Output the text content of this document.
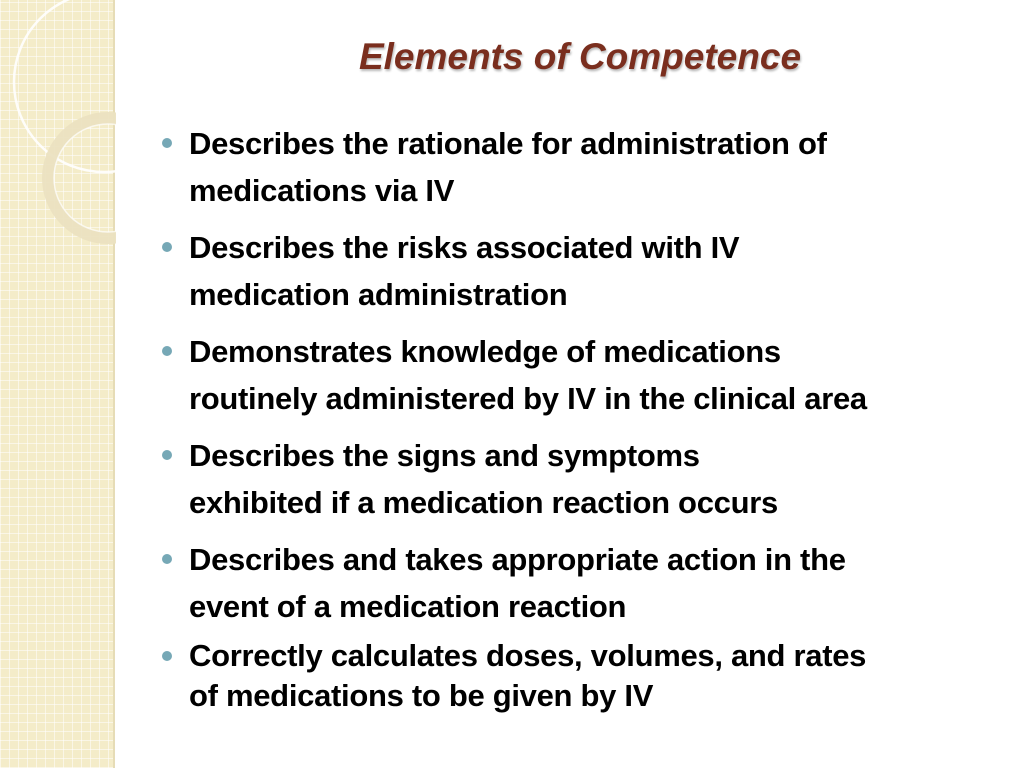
Elements of Competence
Describes the rationale for administration of
medications via IV
Describes the risks associated with IV
medication administration
Demonstrates knowledge of medications
routinely administered by IV in the clinical area
Describes the signs and symptoms
exhibited if a medication reaction occurs
Describes and takes appropriate action in the
event of a medication reaction
Correctly calculates doses, volumes, and rates
of medications to be given by IV
